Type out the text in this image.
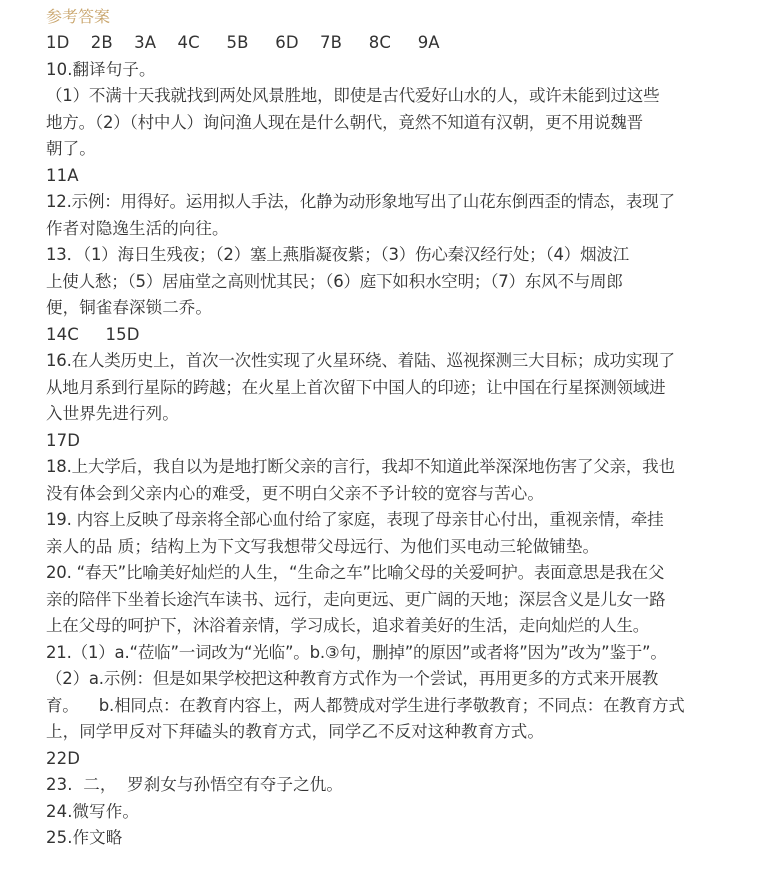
参考答案

1D    2B    3A    4C     5B     6D    7B     8C     9A

10.翻译句子。

（1）不满十天我就找到两处风景胜地，即使是古代爱好山水的人，或许未能到过这些

地方。（2）（村中人）询问渔人现在是什么朝代，竟然不知道有汉朝，更不用说魏晋

朝了。

11A

12.示例：用得好。运用拟人手法，化静为动形象地写出了山花东倒西歪的情态，表现了

作者对隐逸生活的向往。

13．（1）海日生残夜；（2）塞上燕脂凝夜紫；（3）伤心秦汉经行处；（4）烟波江

上使人愁；（5）居庙堂之高则忧其民；（6）庭下如积水空明；（7）东风不与周郎

便，铜雀春深锁二乔。

14C     15D

16.在人类历史上，首次一次性实现了火星环绕、着陆、巡视探测三大目标；成功实现了

从地月系到行星际的跨越；在火星上首次留下中国人的印迹；让中国在行星探测领域进

入世界先进行列。

17D

18.上大学后，我自以为是地打断父亲的言行，我却不知道此举深深地伤害了父亲，我也

没有体会到父亲内心的难受，更不明白父亲不予计较的宽容与苦心。

19. 内容上反映了母亲将全部心血付给了家庭，表现了母亲甘心付出，重视亲情，牵挂

亲人的品 质；结构上为下文写我想带父母远行、为他们买电动三轮做铺垫。

20. “春天”比喻美好灿烂的人生，“生命之车”比喻父母的关爱呵护。表面意思是我在父

亲的陪伴下坐着长途汽车读书、远行，走向更远、更广阔的天地；深层含义是儿女一路

上在父母的呵护下，沐浴着亲情，学习成长，追求着美好的生活，走向灿烂的人生。

21.（1）a.“莅临”一词改为“光临”。b.③句，删掉”的原因”或者将”因为”改为”鉴于”。

（2）a.示例：但是如果学校把这种教育方式作为一个尝试，再用更多的方式来开展教

育。    b.相同点：在教育内容上，两人都赞成对学生进行孝敬教育；不同点：在教育方式

上，同学甲反对下拜磕头的教育方式，同学乙不反对这种教育方式。

22D

23.  二，  罗刹女与孙悟空有夺子之仇。

24.微写作。

25.作文略
